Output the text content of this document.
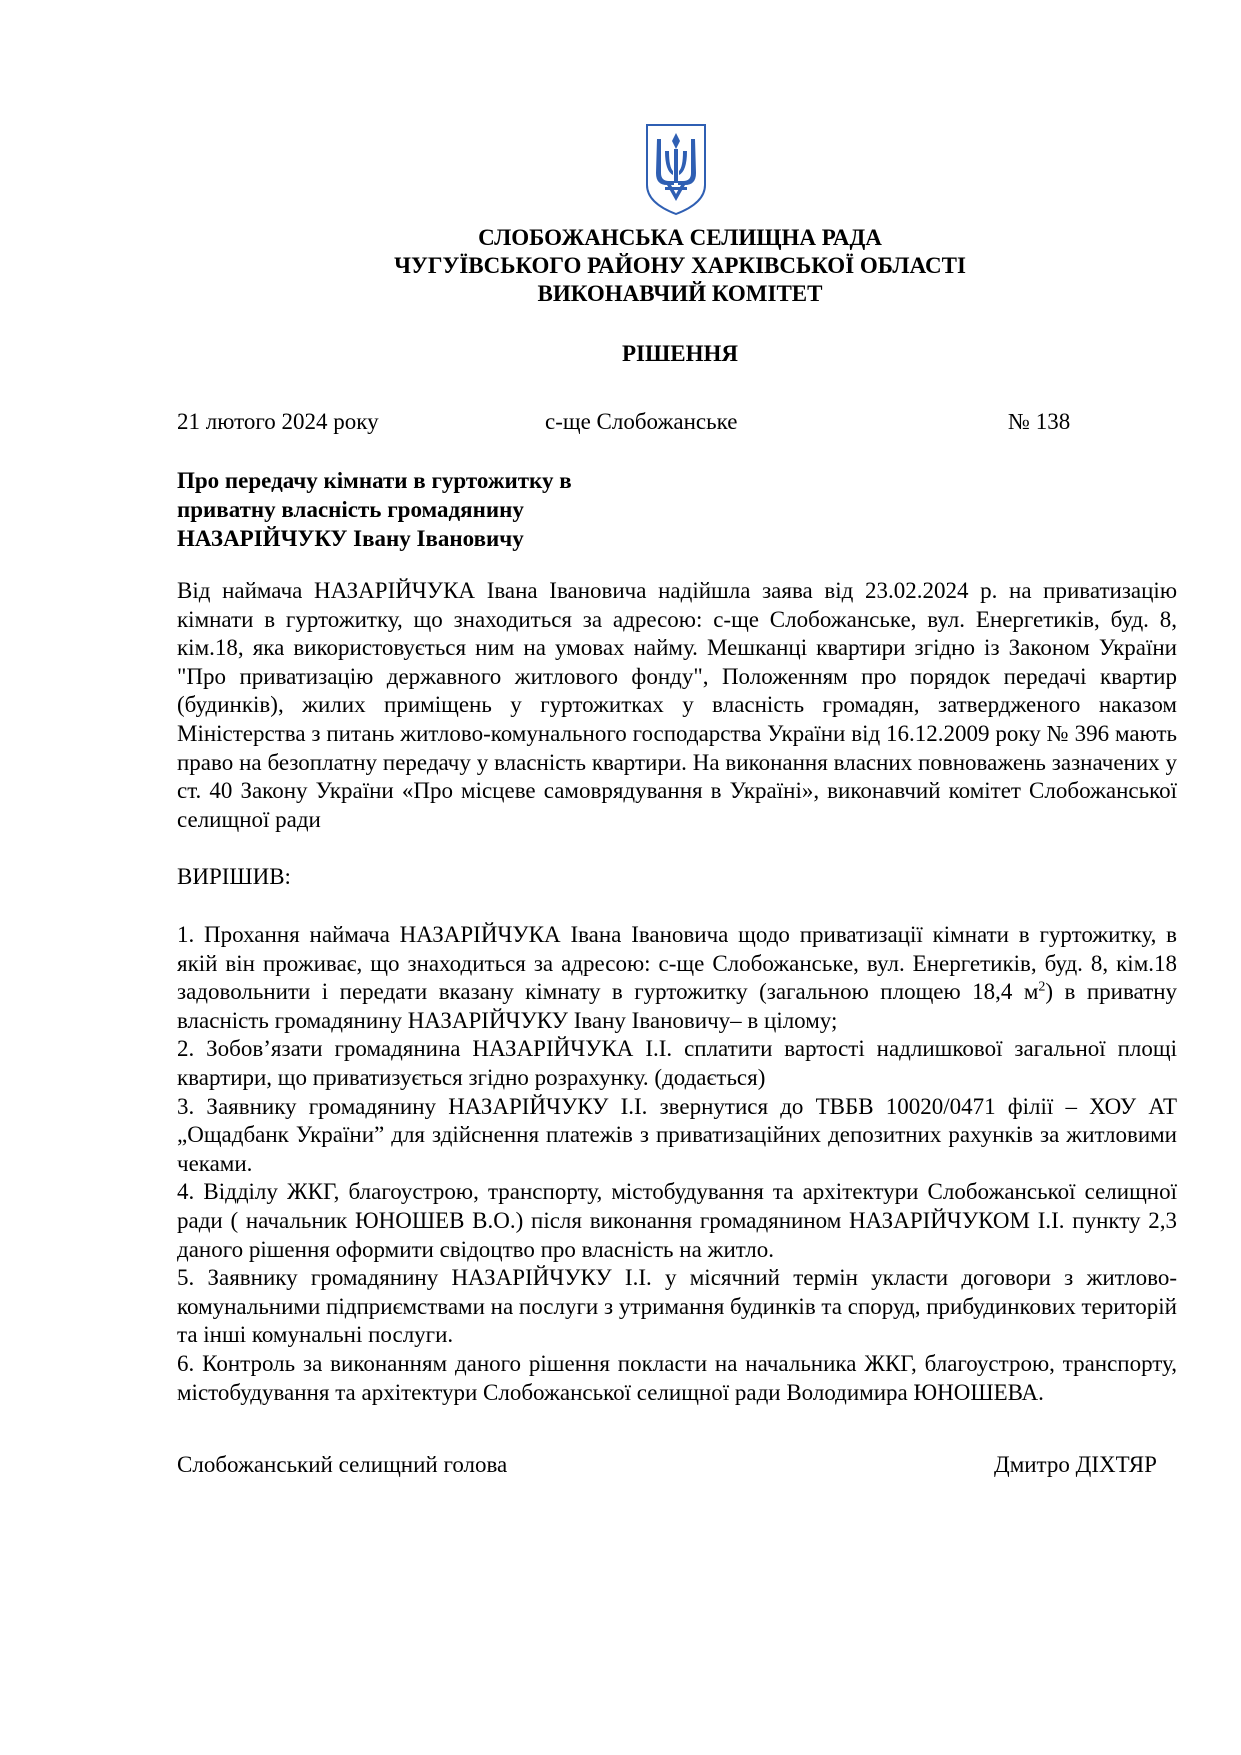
СЛОБОЖАНСЬКА СЕЛИЩНА РАДА
ЧУГУЇВСЬКОГО РАЙОНУ ХАРКІВСЬКОЇ ОБЛАСТІ
ВИКОНАВЧИЙ КОМІТЕТ
РІШЕННЯ
21 лютого 2024 року	с-ще Слобожанське	№ 138
Про передачу кімнати в гуртожитку в
приватну власність громадянину
НАЗАРІЙЧУКУ Івану Івановичу

Від наймача НАЗАРІЙЧУКА Івана Івановича надійшла заява від 23.02.2024 р. на приватизацію кімнати в гуртожитку, що знаходиться за адресою: с-ще Слобожанське, вул. Енергетиків, буд. 8, кім.18, яка використовується ним на умовах найму. Мешканці квартири згідно із Законом України "Про приватизацію державного житлового фонду", Положенням про порядок передачі квартир (будинків), жилих приміщень у гуртожитках у власність громадян, затвердженого наказом Міністерства з питань житлово-комунального господарства України від 16.12.2009 року № 396 мають право на безоплатну передачу у власність квартири. На виконання власних повноважень зазначених у ст. 40 Закону України «Про місцеве самоврядування в Україні», виконавчий комітет Слобожанської селищної ради

ВИРІШИВ:

1. Прохання наймача НАЗАРІЙЧУКА Івана Івановича щодо приватизації кімнати в гуртожитку, в якій він проживає, що знаходиться за адресою: с-ще Слобожанське, вул. Енергетиків, буд. 8, кім.18 задовольнити і передати вказану кімнату в гуртожитку (загальною площею 18,4 $м^2$) в приватну власність громадянину НАЗАРІЙЧУКУ Івану Івановичу– в цілому;

2. Зобов’язати громадянина НАЗАРІЙЧУКА І.І. сплатити вартості надлишкової загальної площі квартири, що приватизується згідно розрахунку. (додається)

3. Заявнику громадянину НАЗАРІЙЧУКУ І.І. звернутися до ТВБВ 10020/0471 філії – ХОУ АТ „Ощадбанк України” для здійснення платежів з приватизаційних депозитних рахунків за житловими чеками.

4. Відділу ЖКГ, благоустрою, транспорту, містобудування та архітектури Слобожанської селищної ради ( начальник ЮНОШЕВ В.О.) після виконання громадянином НАЗАРІЙЧУКОМ І.І. пункту 2,3 даного рішення оформити свідоцтво про власність на житло.

5. Заявнику громадянину НАЗАРІЙЧУКУ І.І. у місячний термін укласти договори з житлово-комунальними підприємствами на послуги з утримання будинків та споруд, прибудинкових територій та інші комунальні послуги.

6. Контроль за виконанням даного рішення покласти на начальника ЖКГ, благоустрою, транспорту, містобудування та архітектури Слобожанської селищної ради Володимира ЮНОШЕВА.

Слобожанський селищний голова	Дмитро ДІХТЯР
